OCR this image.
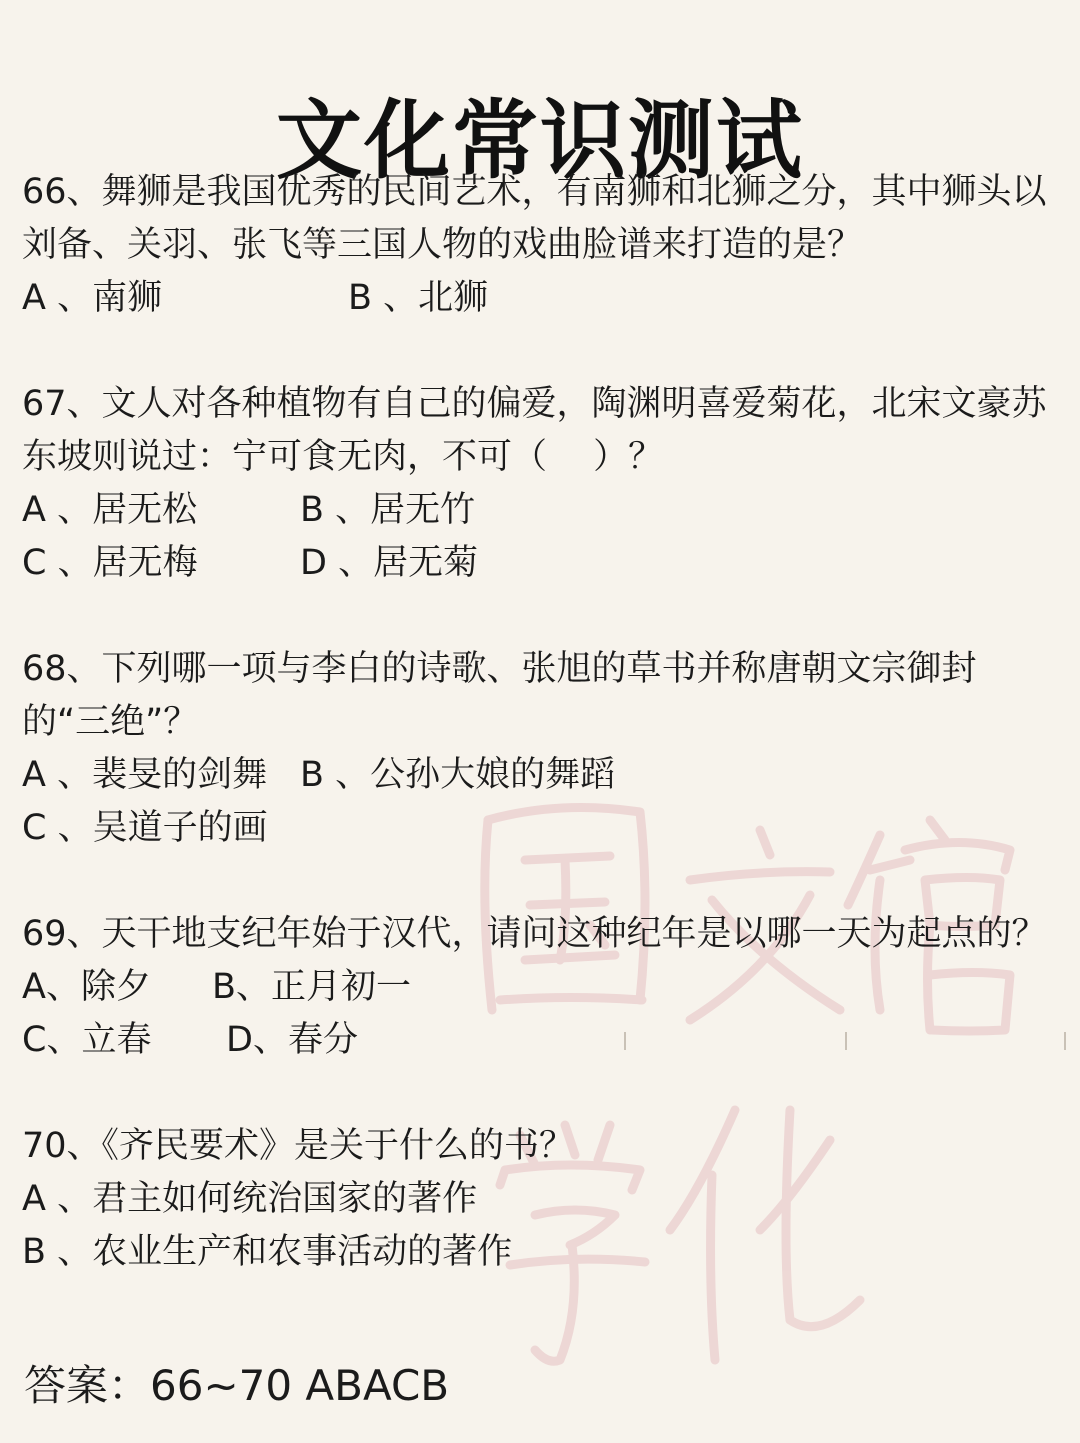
文化常识测试
66、舞狮是我国优秀的民间艺术，有南狮和北狮之分，其中狮头以刘备、关羽、张飞等三国人物的戏曲脸谱来打造的是？
A 、南狮	B 、北狮
67、文人对各种植物有自己的偏爱，陶渊明喜爱菊花，北宋文豪苏东坡则说过：宁可食无肉，不可（　 ）？
A 、居无松	B 、居无竹
C 、居无梅	D 、居无菊
68、下列哪一项与李白的诗歌、张旭的草书并称唐朝文宗御封的“三绝”？
A 、裴旻的剑舞 B 、公孙大娘的舞蹈
C 、吴道子的画
69、天干地支纪年始于汉代，请问这种纪年是以哪一天为起点的？
A、除夕	B、正月初一
C、立春	D、春分
70、《齐民要术》是关于什么的书？
A 、君主如何统治国家的著作
B 、农业生产和农事活动的著作
答案：66~70 ABACB
